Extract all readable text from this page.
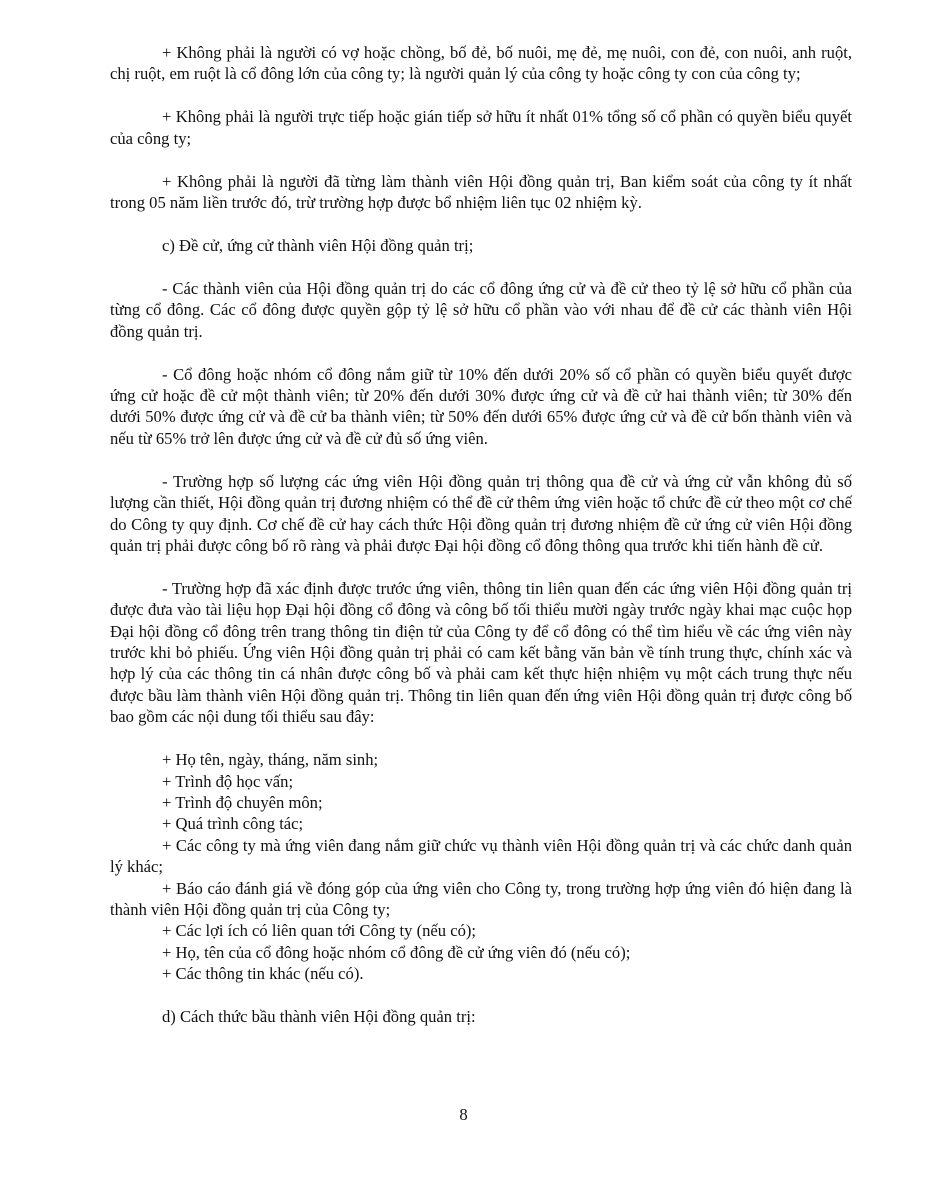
+ Không phải là người có vợ hoặc chồng, bố đẻ, bố nuôi, mẹ đẻ, mẹ nuôi, con đẻ, con nuôi, anh ruột, chị ruột, em ruột là cổ đông lớn của công ty; là người quản lý của công ty hoặc công ty con của công ty;

+ Không phải là người trực tiếp hoặc gián tiếp sở hữu ít nhất 01% tổng số cổ phần có quyền biểu quyết của công ty;

+ Không phải là người đã từng làm thành viên Hội đồng quản trị, Ban kiểm soát của công ty ít nhất trong 05 năm liền trước đó, trừ trường hợp được bổ nhiệm liên tục 02 nhiệm kỳ.

c) Đề cử, ứng cử thành viên Hội đồng quản trị;

- Các thành viên của Hội đồng quản trị do các cổ đông ứng cử và đề cử theo tỷ lệ sở hữu cổ phần của từng cổ đông. Các cổ đông được quyền gộp tỷ lệ sở hữu cổ phần vào với nhau để đề cử các thành viên Hội đồng quản trị.

- Cổ đông hoặc nhóm cổ đông nắm giữ từ 10% đến dưới 20% số cổ phần có quyền biểu quyết được ứng cử hoặc đề cử một thành viên; từ 20% đến dưới 30% được ứng cử và đề cử hai thành viên; từ 30% đến dưới 50% được ứng cử và đề cử ba thành viên; từ 50% đến dưới 65% được ứng cử và đề cử bốn thành viên và nếu từ 65% trở lên được ứng cử và đề cử đủ số ứng viên.

- Trường hợp số lượng các ứng viên Hội đồng quản trị thông qua đề cử và ứng cử vẫn không đủ số lượng cần thiết, Hội đồng quản trị đương nhiệm có thể đề cử thêm ứng viên hoặc tổ chức đề cử theo một cơ chế do Công ty quy định. Cơ chế đề cử hay cách thức Hội đồng quản trị đương nhiệm đề cử ứng cử viên Hội đồng quản trị phải được công bố rõ ràng và phải được Đại hội đồng cổ đông thông qua trước khi tiến hành đề cử.

- Trường hợp đã xác định được trước ứng viên, thông tin liên quan đến các ứng viên Hội đồng quản trị được đưa vào tài liệu họp Đại hội đồng cổ đông và công bố tối thiểu mười ngày trước ngày khai mạc cuộc họp Đại hội đồng cổ đông trên trang thông tin điện tử của Công ty để cổ đông có thể tìm hiểu về các ứng viên này trước khi bỏ phiếu. Ứng viên Hội đồng quản trị phải có cam kết bằng văn bản về tính trung thực, chính xác và hợp lý của các thông tin cá nhân được công bố và phải cam kết thực hiện nhiệm vụ một cách trung thực nếu được bầu làm thành viên Hội đồng quản trị. Thông tin liên quan đến ứng viên Hội đồng quản trị được công bố bao gồm các nội dung tối thiểu sau đây:

+ Họ tên, ngày, tháng, năm sinh;

+ Trình độ học vấn;

+ Trình độ chuyên môn;

+ Quá trình công tác;

+ Các công ty mà ứng viên đang nắm giữ chức vụ thành viên Hội đồng quản trị và các chức danh quản lý khác;

+ Báo cáo đánh giá về đóng góp của ứng viên cho Công ty, trong trường hợp ứng viên đó hiện đang là thành viên Hội đồng quản trị của Công ty;

+ Các lợi ích có liên quan tới Công ty (nếu có);

+ Họ, tên của cổ đông hoặc nhóm cổ đông đề cử ứng viên đó (nếu có);

+ Các thông tin khác (nếu có).

d) Cách thức bầu thành viên Hội đồng quản trị:

8
